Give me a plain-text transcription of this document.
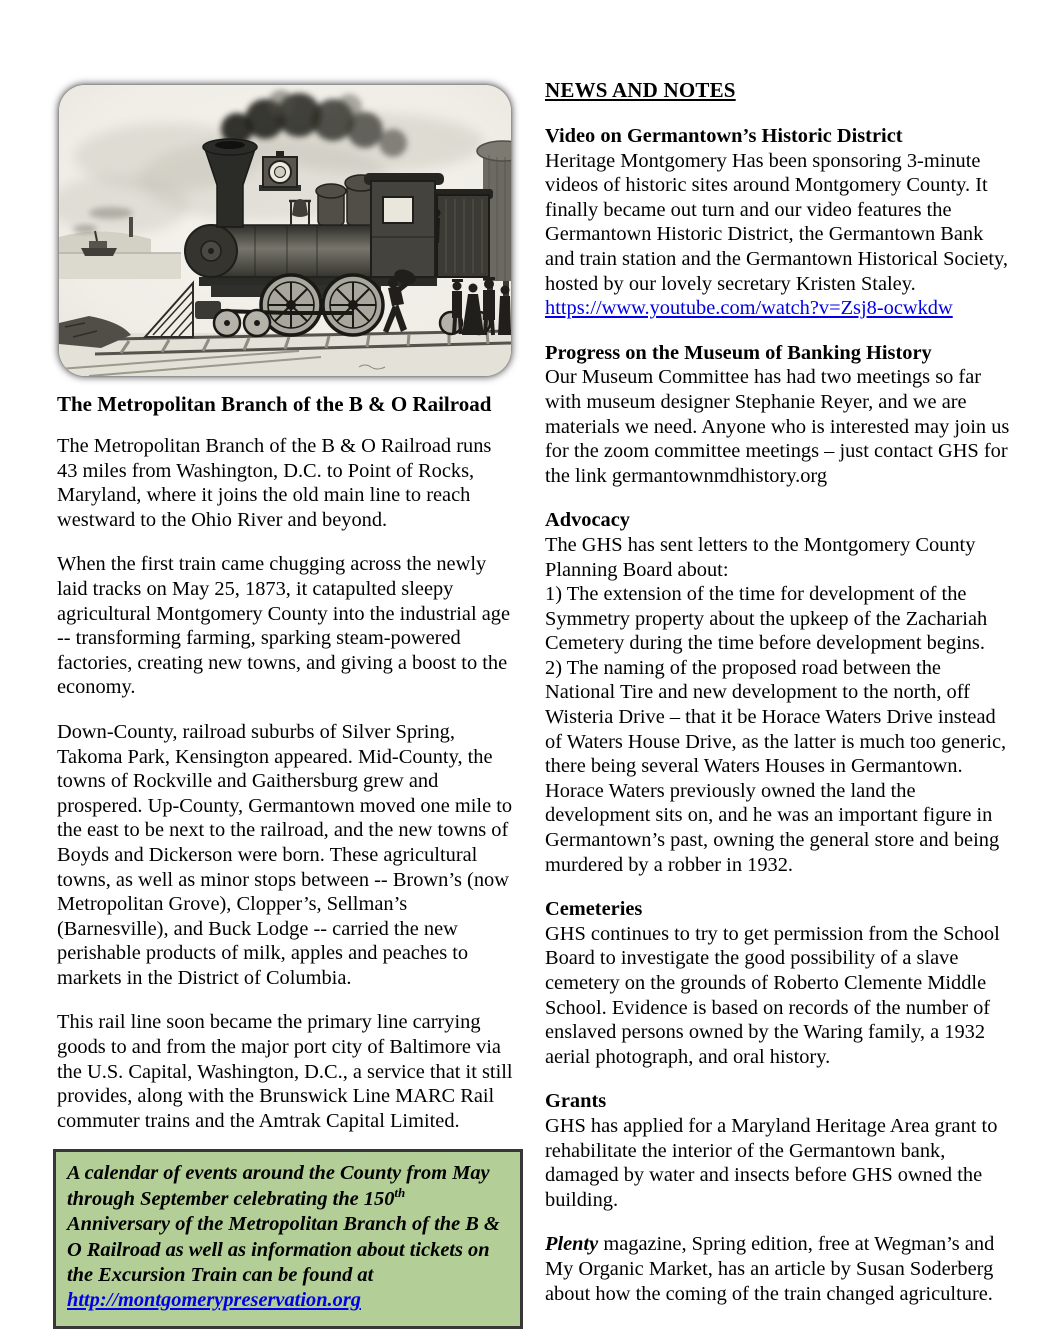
The Metropolitan Branch of the B & O Railroad

The Metropolitan Branch of the B & O Railroad runs 43 miles from Washington, D.C. to Point of Rocks, Maryland, where it joins the old main line to reach westward to the Ohio River and beyond.

When the first train came chugging across the newly laid tracks on May 25, 1873, it catapulted sleepy agricultural Montgomery County into the industrial age -- transforming farming, sparking steam-powered factories, creating new towns, and giving a boost to the economy.

Down-County, railroad suburbs of Silver Spring, Takoma Park, Kensington appeared. Mid-County, the towns of Rockville and Gaithersburg grew and prospered. Up-County, Germantown moved one mile to the east to be next to the railroad, and the new towns of Boyds and Dickerson were born. These agricultural towns, as well as minor stops between -- Brown’s (now Metropolitan Grove), Clopper’s, Sellman’s (Barnesville), and Buck Lodge -- carried the new perishable products of milk, apples and peaches to markets in the District of Columbia.

This rail line soon became the primary line carrying goods to and from the major port city of Baltimore via the U.S. Capital, Washington, D.C., a service that it still provides, along with the Brunswick Line MARC Rail commuter trains and the Amtrak Capital Limited.

A calendar of events around the County from May through September celebrating the 150th Anniversary of the Metropolitan Branch of the B & O Railroad as well as information about tickets on the Excursion Train can be found at http://montgomerypreservation.org
NEWS AND NOTES

Video on Germantown’s Historic District

Heritage Montgomery Has been sponsoring 3-minute videos of historic sites around Montgomery County. It finally became out turn and our video features the Germantown Historic District, the Germantown Bank and train station and the Germantown Historical Society, hosted by our lovely secretary Kristen Staley.

https://www.youtube.com/watch?v=Zsj8-ocwkdw

Progress on the Museum of Banking History

Our Museum Committee has had two meetings so far with museum designer Stephanie Reyer, and we are materials we need. Anyone who is interested may join us for the zoom committee meetings – just contact GHS for the link germantownmdhistory.org

Advocacy

The GHS has sent letters to the Montgomery County Planning Board about:

1) The extension of the time for development of the Symmetry property about the upkeep of the Zachariah Cemetery during the time before development begins.

2) The naming of the proposed road between the National Tire and new development to the north, off Wisteria Drive – that it be Horace Waters Drive instead of Waters House Drive, as the latter is much too generic, there being several Waters Houses in Germantown. Horace Waters previously owned the land the development sits on, and he was an important figure in Germantown’s past, owning the general store and being murdered by a robber in 1932.

Cemeteries

GHS continues to try to get permission from the School Board to investigate the good possibility of a slave cemetery on the grounds of Roberto Clemente Middle School. Evidence is based on records of the number of enslaved persons owned by the Waring family, a 1932 aerial photograph, and oral history.

Grants

GHS has applied for a Maryland Heritage Area grant to rehabilitate the interior of the Germantown bank, damaged by water and insects before GHS owned the building.

Plenty magazine, Spring edition, free at Wegman’s and My Organic Market, has an article by Susan Soderberg about how the coming of the train changed agriculture.
